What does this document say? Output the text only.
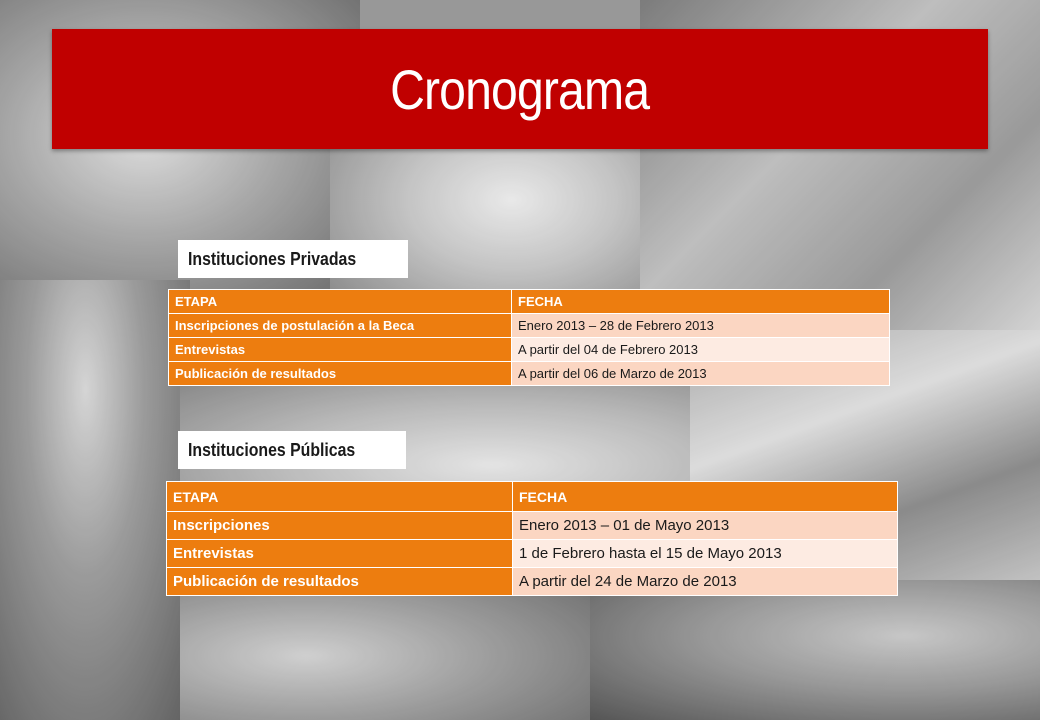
Cronograma
Instituciones Privadas
ETAPA	FECHA
Inscripciones de postulación a la Beca	Enero 2013 – 28 de Febrero 2013
Entrevistas	A partir del 04 de Febrero 2013
Publicación de resultados	A partir del 06 de Marzo de 2013
Instituciones Públicas
ETAPA	FECHA
Inscripciones	Enero 2013 – 01 de Mayo 2013
Entrevistas	1 de Febrero hasta el 15 de Mayo 2013
Publicación de resultados	A partir del 24 de Marzo de 2013
